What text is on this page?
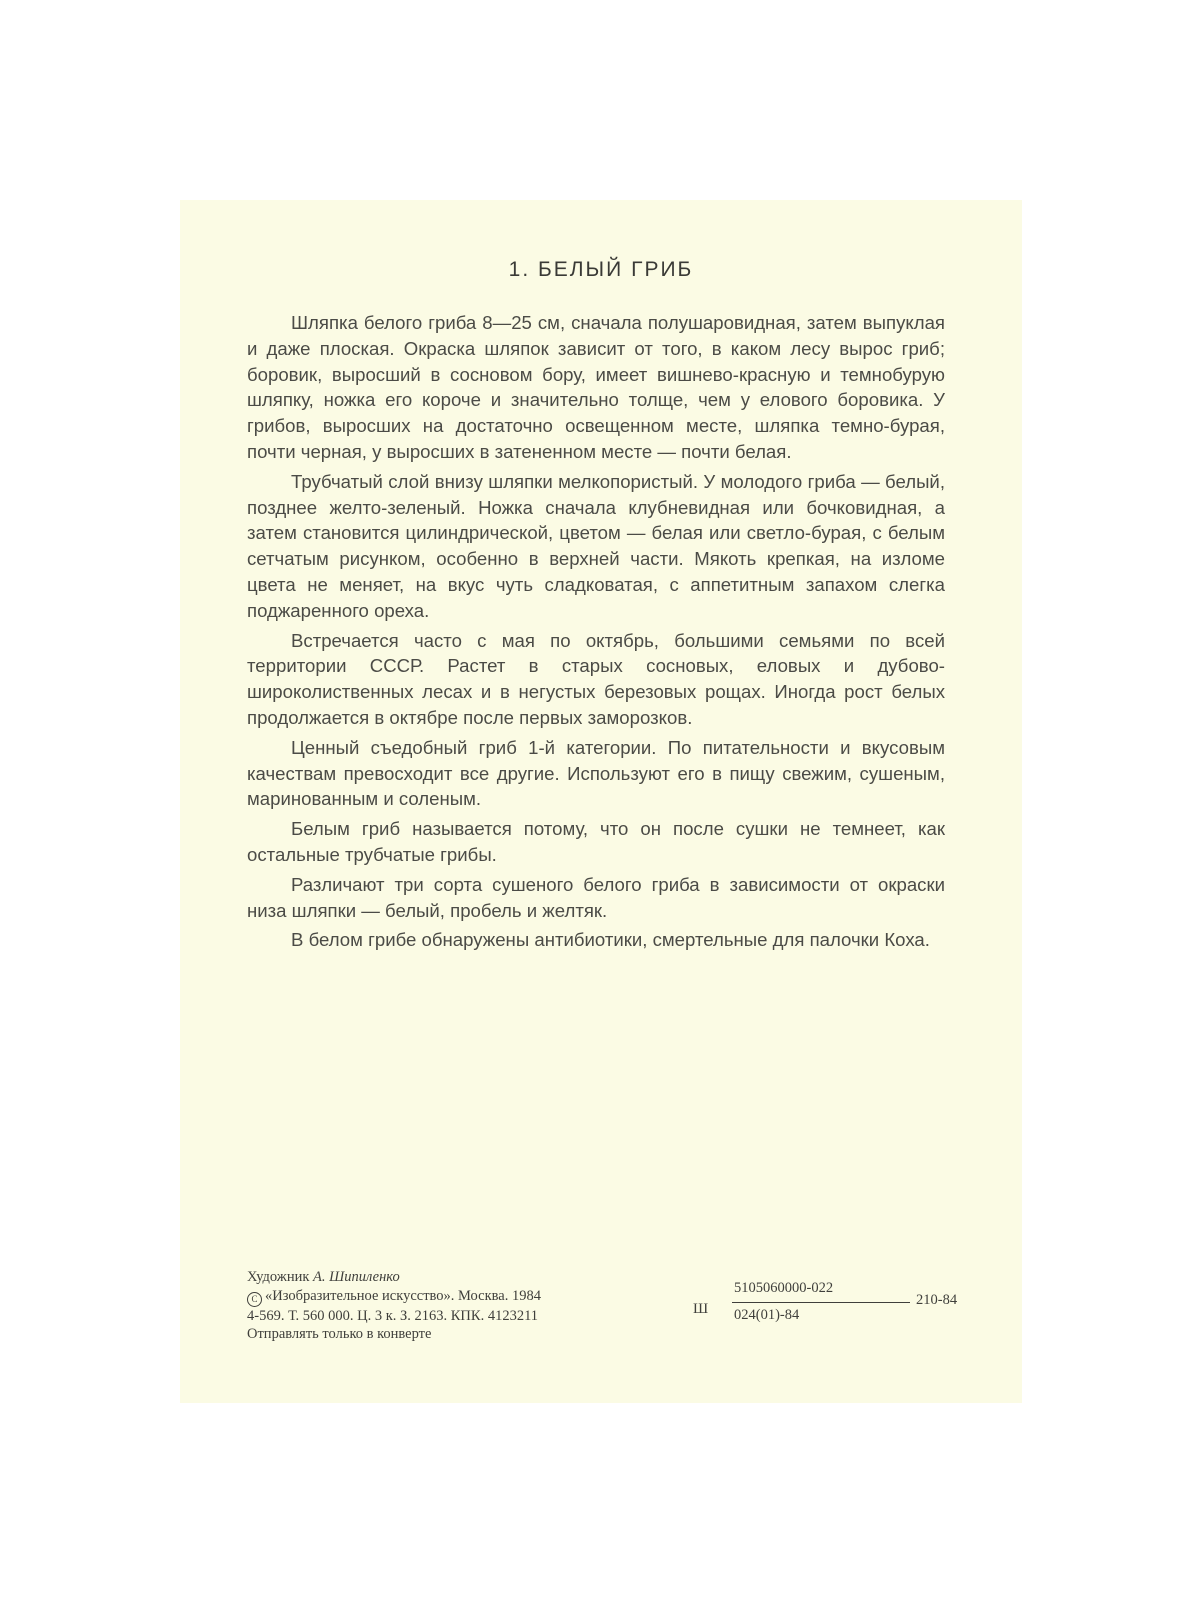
1. БЕЛЫЙ ГРИБ

Шляпка белого гриба 8—25 см, сначала полушаровидная, затем выпуклая и даже плоская. Окраска шляпок зависит от того, в каком лесу вырос гриб; боровик, выросший в сосновом бору, имеет вишнево-красную и темнобурую шляпку, ножка его короче и значительно толще, чем у елового боровика. У грибов, выросших на достаточно освещенном месте, шляпка темно-бурая, почти черная, у выросших в затененном месте — почти белая.

Трубчатый слой внизу шляпки мелкопористый. У молодого гриба — белый, позднее желто-зеленый. Ножка сначала клубневидная или бочковидная, а затем становится цилиндрической, цветом — белая или светло-бурая, с белым сетчатым рисунком, особенно в верхней части. Мякоть крепкая, на изломе цвета не меняет, на вкус чуть сладковатая, с аппетитным запахом слегка поджаренного ореха.

Встречается часто с мая по октябрь, большими семьями по всей территории СССР. Растет в старых сосновых, еловых и дубово-широколиственных лесах и в негустых березовых рощах. Иногда рост белых продолжается в октябре после первых заморозков.

Ценный съедобный гриб 1-й категории. По питательности и вкусовым качествам превосходит все другие. Используют его в пищу свежим, сушеным, маринованным и соленым.

Белым гриб называется потому, что он после сушки не темнеет, как остальные трубчатые грибы.

Различают три сорта сушеного белого гриба в зависимости от окраски низа шляпки — белый, пробель и желтяк.

В белом грибе обнаружены антибиотики, смертельные для палочки Коха.

Художник А. Шипиленко
C «Изобразительное искусство». Москва. 1984
4-569. Т. 560 000. Ц. 3 к. З. 2163. КПК. 4123211
Отправлять только в конверте
Ш
5105060000-022
024(01)-84
210-84
